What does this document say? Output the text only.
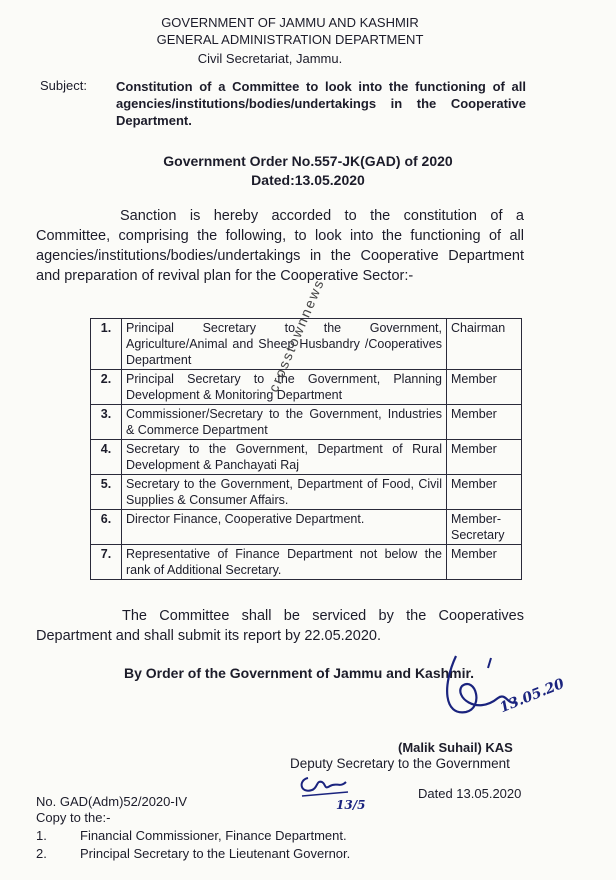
GOVERNMENT OF JAMMU AND KASHMIR
GENERAL ADMINISTRATION DEPARTMENT
Civil Secretariat, Jammu.
Subject: Constitution of a Committee to look into the functioning of all agencies/institutions/bodies/undertakings in the Cooperative Department.
Government Order No.557-JK(GAD) of 2020
Dated:13.05.2020
Sanction is hereby accorded to the constitution of a Committee, comprising the following, to look into the functioning of all agencies/institutions/bodies/undertakings in the Cooperative Department and preparation of revival plan for the Cooperative Sector:-
1.	Principal Secretary to the Government, Agriculture/Animal and Sheep Husbandry /Cooperatives Department	Chairman
2.	Principal Secretary to the Government, Planning Development & Monitoring Department	Member
3.	Commissioner/Secretary to the Government, Industries & Commerce Department	Member
4.	Secretary to the Government, Department of Rural Development & Panchayati Raj	Member
5.	Secretary to the Government, Department of Food, Civil Supplies & Consumer Affairs.	Member
6.	Director Finance, Cooperative Department.	Member-Secretary
7.	Representative of Finance Department not below the rank of Additional Secretary.	Member
The Committee shall be serviced by the Cooperatives Department and shall submit its report by 22.05.2020.
By Order of the Government of Jammu and Kashmir.
13.05.20
(Malik Suhail) KAS
Deputy Secretary to the Government
13/5
No. GAD(Adm)52/2020-IV
Dated 13.05.2020
Copy to the:-
1.	Financial Commissioner, Finance Department.
2.	Principal Secretary to the Lieutenant Governor.
crosstownnews
